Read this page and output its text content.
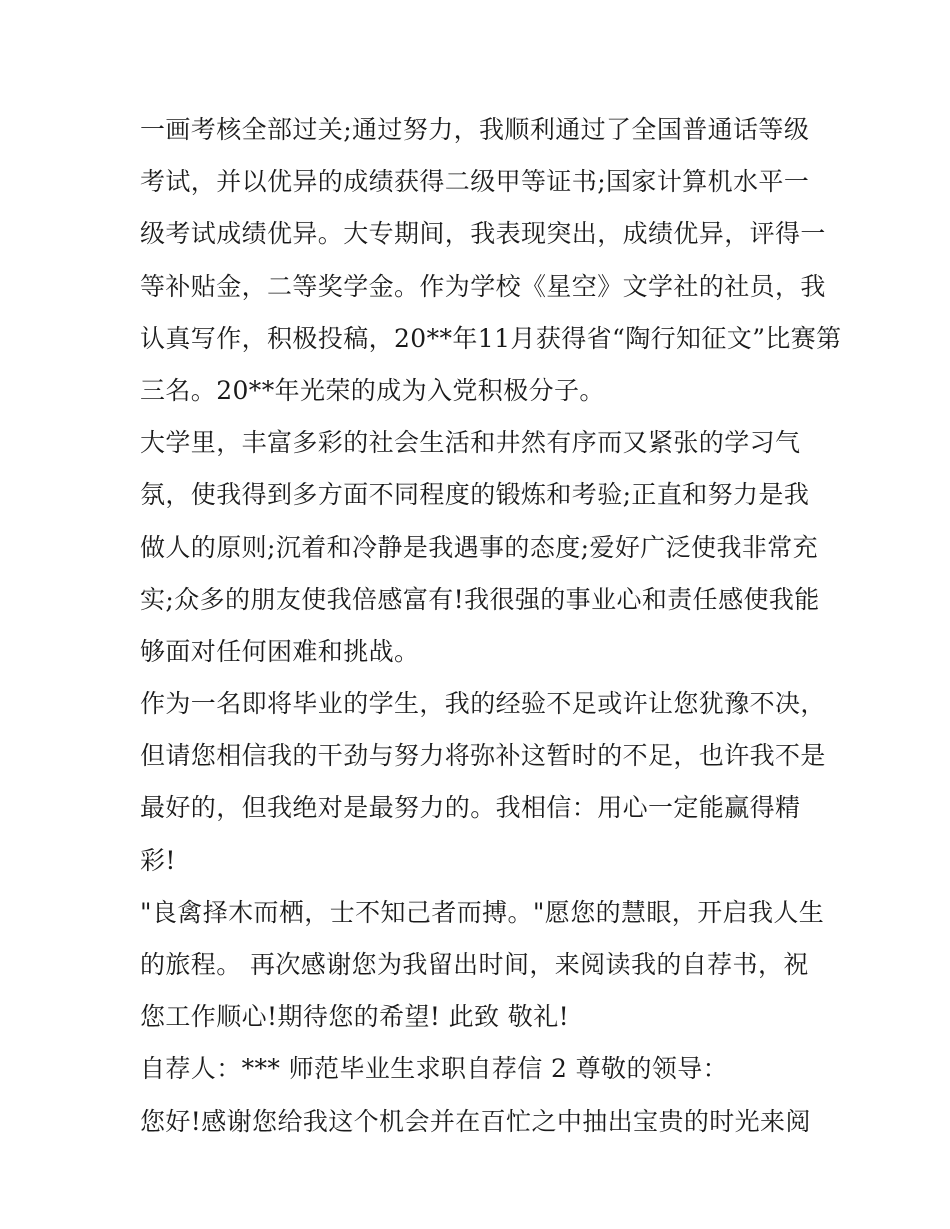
一画考核全部过关;通过努力，我顺利通过了全国普通话等级
考试，并以优异的成绩获得二级甲等证书;国家计算机水平一
级考试成绩优异。大专期间，我表现突出，成绩优异，评得一
等补贴金，二等奖学金。作为学校《星空》文学社的社员，我
认真写作，积极投稿，20**年11月获得省“陶行知征文”比赛第
三名。20**年光荣的成为入党积极分子。

大学里，丰富多彩的社会生活和井然有序而又紧张的学习气
氛，使我得到多方面不同程度的锻炼和考验;正直和努力是我
做人的原则;沉着和冷静是我遇事的态度;爱好广泛使我非常充
实;众多的朋友使我倍感富有!我很强的事业心和责任感使我能
够面对任何困难和挑战。

作为一名即将毕业的学生，我的经验不足或许让您犹豫不决，
但请您相信我的干劲与努力将弥补这暂时的不足，也许我不是
最好的，但我绝对是最努力的。我相信：用心一定能赢得精
彩!

"良禽择木而栖，士不知己者而搏。"愿您的慧眼，开启我人生
的旅程。 再次感谢您为我留出时间，来阅读我的自荐书，祝
您工作顺心!期待您的希望! 此致 敬礼!

自荐人：*** 师范毕业生求职自荐信 2 尊敬的领导：

您好!感谢您给我这个机会并在百忙之中抽出宝贵的时光来阅
